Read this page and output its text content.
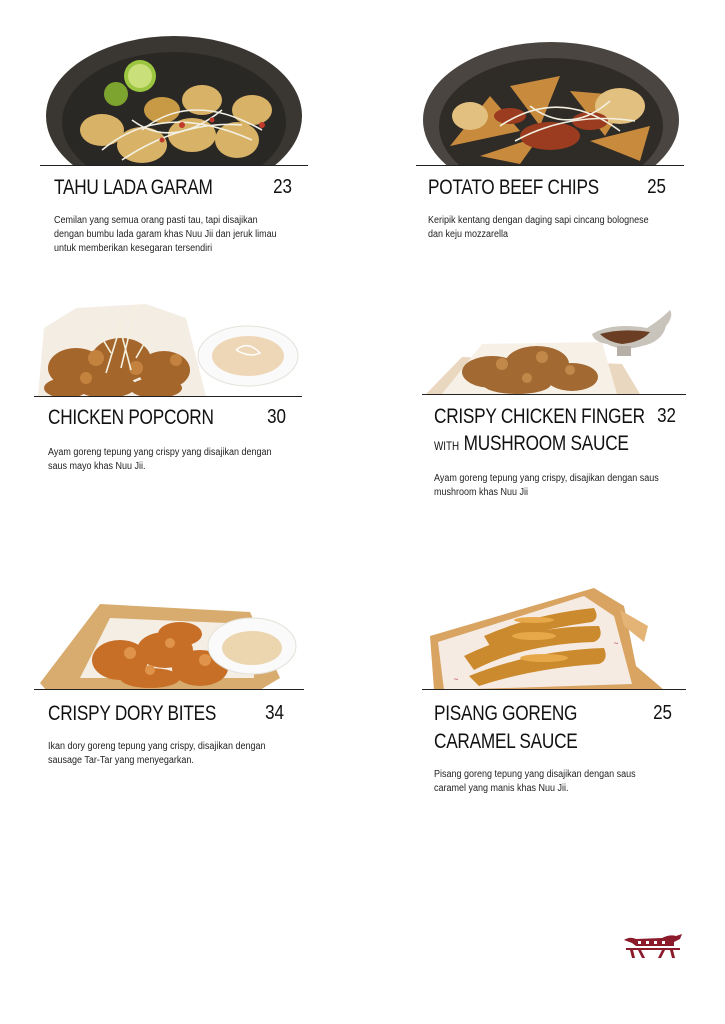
TAHU LADA GARAM	23
Cemilan yang semua orang pasti tau, tapi disajikan dengan bumbu lada garam khas Nuu Jii dan jeruk limau untuk memberikan kesegaran tersendiri
POTATO BEEF CHIPS 25
Keripik kentang dengan daging sapi cincang bolognese dan keju mozzarella
CHICKEN POPCORN	30
Ayam goreng tepung yang crispy yang disajikan dengan saus mayo khas Nuu Jii.
CRISPY CHICKEN FINGER
WITH MUSHROOM SAUCE
32
Ayam goreng tepung yang crispy, disajikan dengan saus mushroom khas Nuu Jii
CRISPY DORY BITES 34
Ikan dory goreng tepung yang crispy, disajikan dengan sausage Tar-Tar yang menyegarkan.
~
~
PISANG GORENG
CARAMEL SAUCE
25
Pisang goreng tepung yang disajikan dengan saus caramel yang manis khas Nuu Jii.
